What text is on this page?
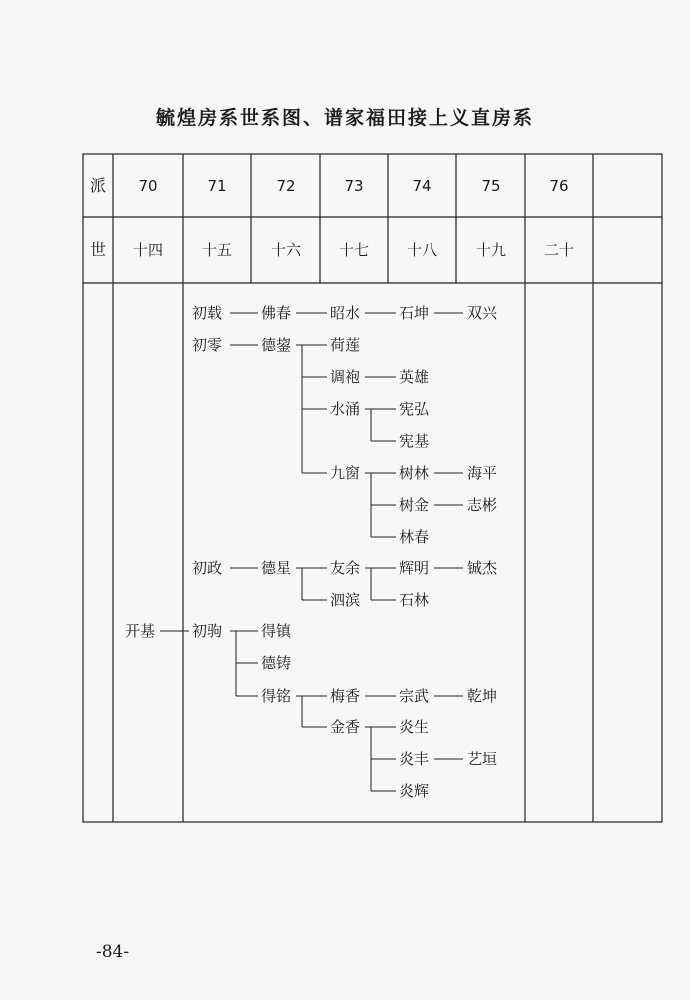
毓煌房系世系图、谱家福田接上义直房系
派	70	71	72	73	74	75	76
世	十四	十五	十六	十七	十八	十九	二十
初载	佛春	昭水	石坤	双兴
初零	德鋆	荷莲
调袍	英雄
水涌	宪弘
宪基
九窗	树林	海平
树金	志彬
林春
初政	德星	友余	辉明	铖杰
泗滨	石林
开基 初驹	得镇
德铸
得铭	梅香	宗武	乾坤
金香	炎生
炎丰	艺垣
炎辉
-84-
